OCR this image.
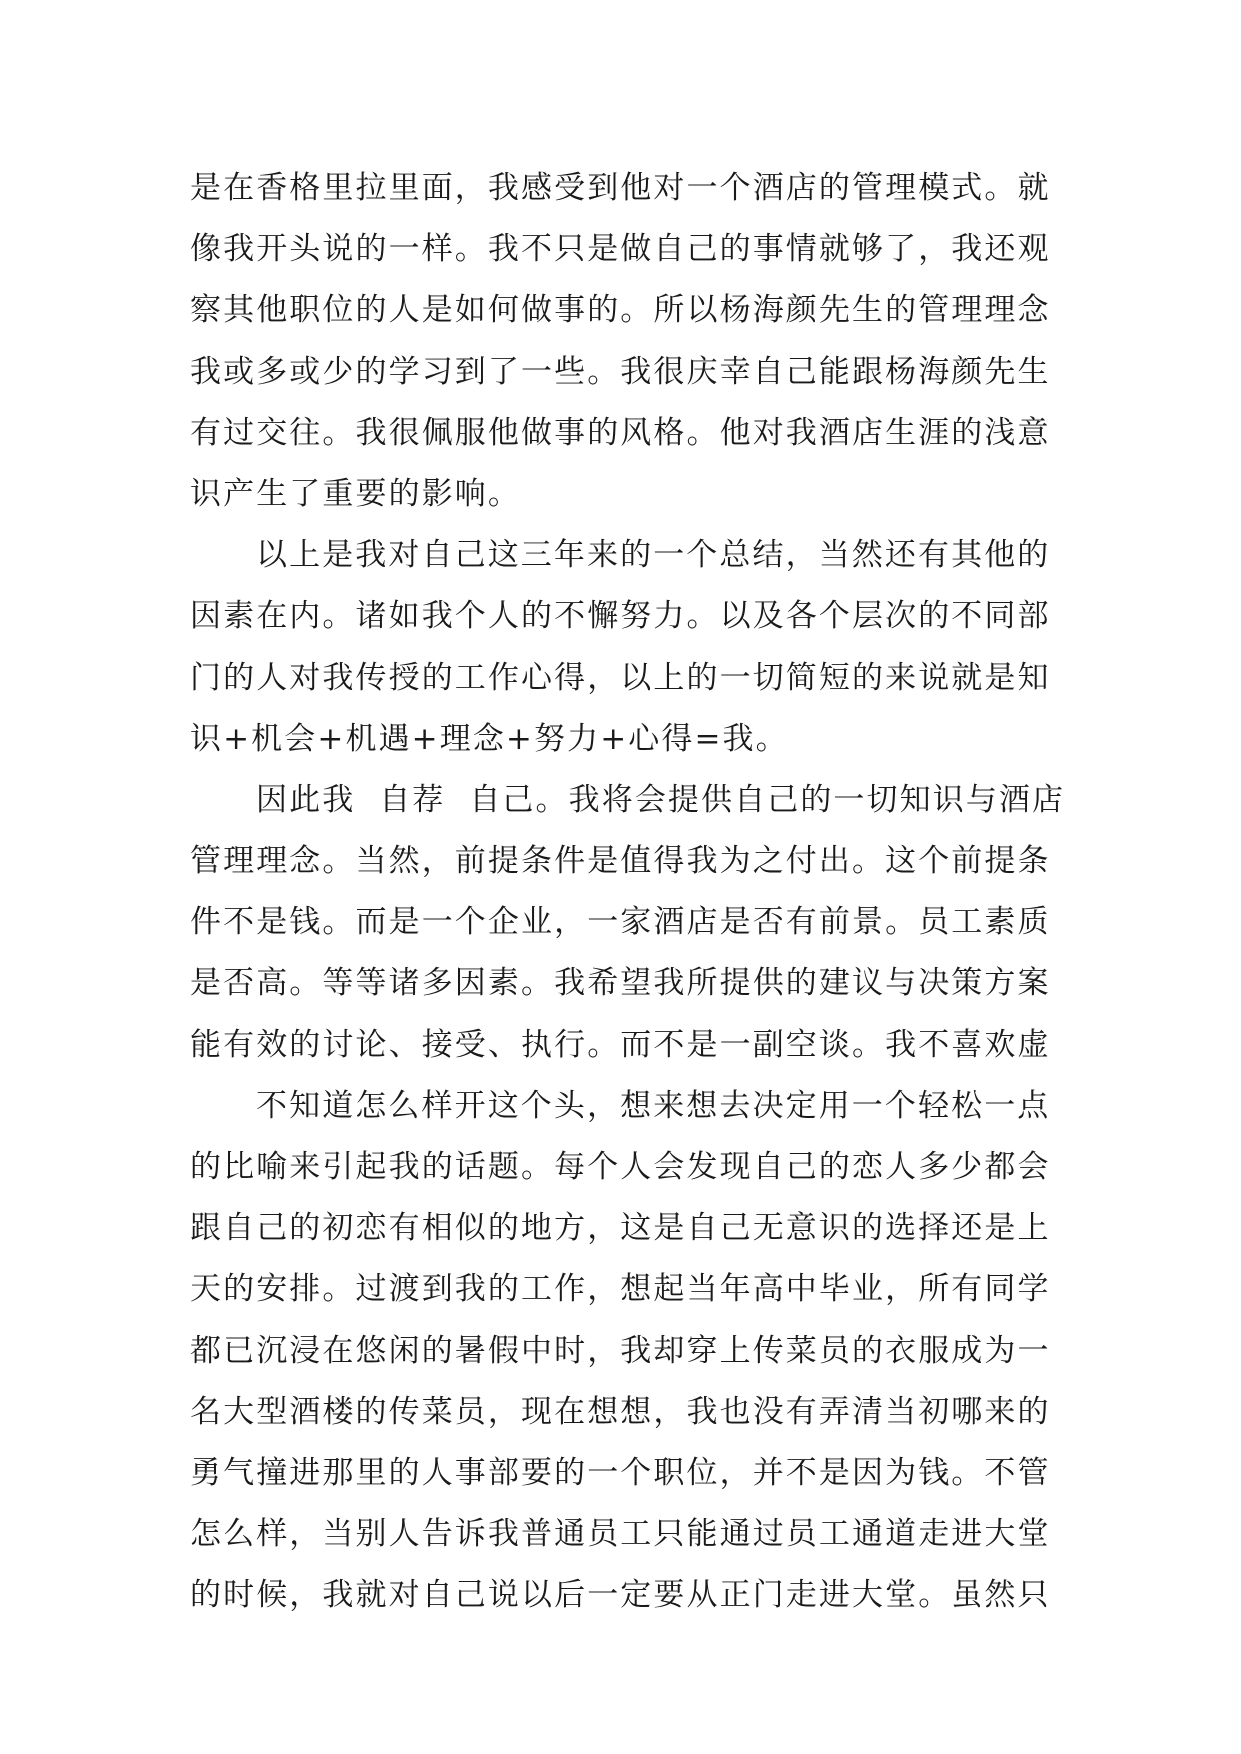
是在香格里拉里面，我感受到他对一个酒店的管理模式。就
像我开头说的一样。我不只是做自己的事情就够了，我还观
察其他职位的人是如何做事的。所以杨海颜先生的管理理念
我或多或少的学习到了一些。我很庆幸自己能跟杨海颜先生
有过交往。我很佩服他做事的风格。他对我酒店生涯的浅意
识产生了重要的影响。
以上是我对自己这三年来的一个总结，当然还有其他的
因素在内。诸如我个人的不懈努力。以及各个层次的不同部
门的人对我传授的工作心得，以上的一切简短的来说就是知
识+机会+机遇+理念+努力+心得=我。
因此我  自荐  自己。我将会提供自己的一切知识与酒店
管理理念。当然，前提条件是值得我为之付出。这个前提条
件不是钱。而是一个企业，一家酒店是否有前景。员工素质
是否高。等等诸多因素。我希望我所提供的建议与决策方案
能有效的讨论、接受、执行。而不是一副空谈。我不喜欢虚
不知道怎么样开这个头，想来想去决定用一个轻松一点
的比喻来引起我的话题。每个人会发现自己的恋人多少都会
跟自己的初恋有相似的地方，这是自己无意识的选择还是上
天的安排。过渡到我的工作，想起当年高中毕业，所有同学
都已沉浸在悠闲的暑假中时，我却穿上传菜员的衣服成为一
名大型酒楼的传菜员，现在想想，我也没有弄清当初哪来的
勇气撞进那里的人事部要的一个职位，并不是因为钱。不管
怎么样，当别人告诉我普通员工只能通过员工通道走进大堂
的时候，我就对自己说以后一定要从正门走进大堂。虽然只
